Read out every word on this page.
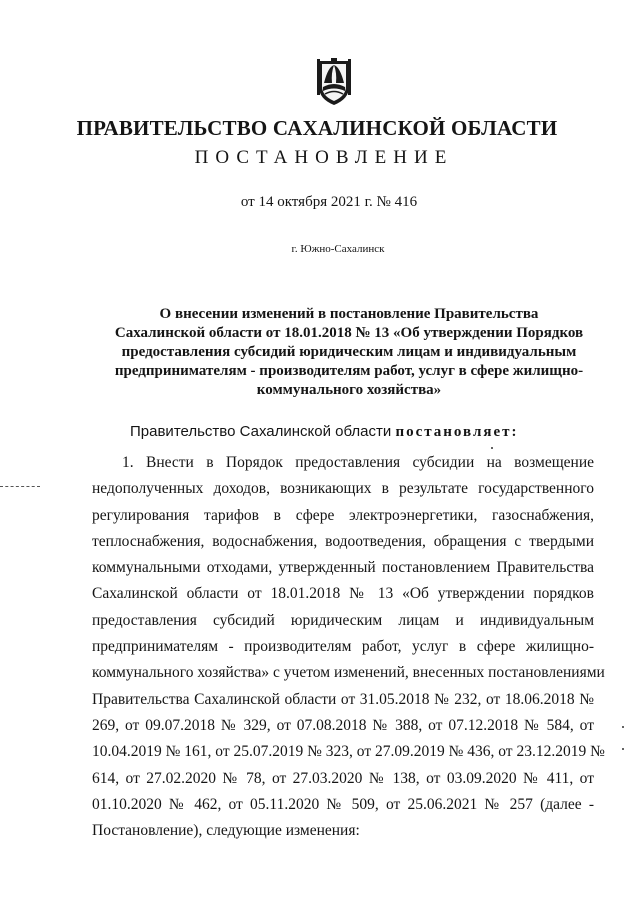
ПРАВИТЕЛЬСТВО САХАЛИНСКОЙ ОБЛАСТИ
ПОСТАНОВЛЕНИЕ
от 14 октября 2021 г. № 416
г. Южно-Сахалинск
О внесении изменений в постановление Правительства
Сахалинской области от 18.01.2018 № 13 «Об утверждении Порядков
предоставления субсидий юридическим лицам и индивидуальным
предпринимателям - производителям работ, услуг в сфере жилищно-
коммунального хозяйства»
Правительство Сахалинской области постановляет:
1. Внести в Порядок предоставления субсидии на возмещение
недополученных доходов, возникающих в результате государственного
регулирования тарифов в сфере электроэнергетики, газоснабжения,
теплоснабжения, водоснабжения, водоотведения, обращения с твердыми
коммунальными отходами, утвержденный постановлением Правительства
Сахалинской области от 18.01.2018 № 13 «Об утверждении порядков
предоставления субсидий юридическим лицам и индивидуальным
предпринимателям - производителям работ, услуг в сфере жилищно-
коммунального хозяйства» с учетом изменений, внесенных постановлениями
Правительства Сахалинской области от 31.05.2018 № 232, от 18.06.2018 №
269, от 09.07.2018 № 329, от 07.08.2018 № 388, от 07.12.2018 № 584, от
10.04.2019 № 161, от 25.07.2019 № 323, от 27.09.2019 № 436, от 23.12.2019 №
614, от 27.02.2020 № 78, от 27.03.2020 № 138, от 03.09.2020 № 411, от
01.10.2020 № 462, от 05.11.2020 № 509, от 25.06.2021 № 257 (далее -
Постановление), следующие изменения:
